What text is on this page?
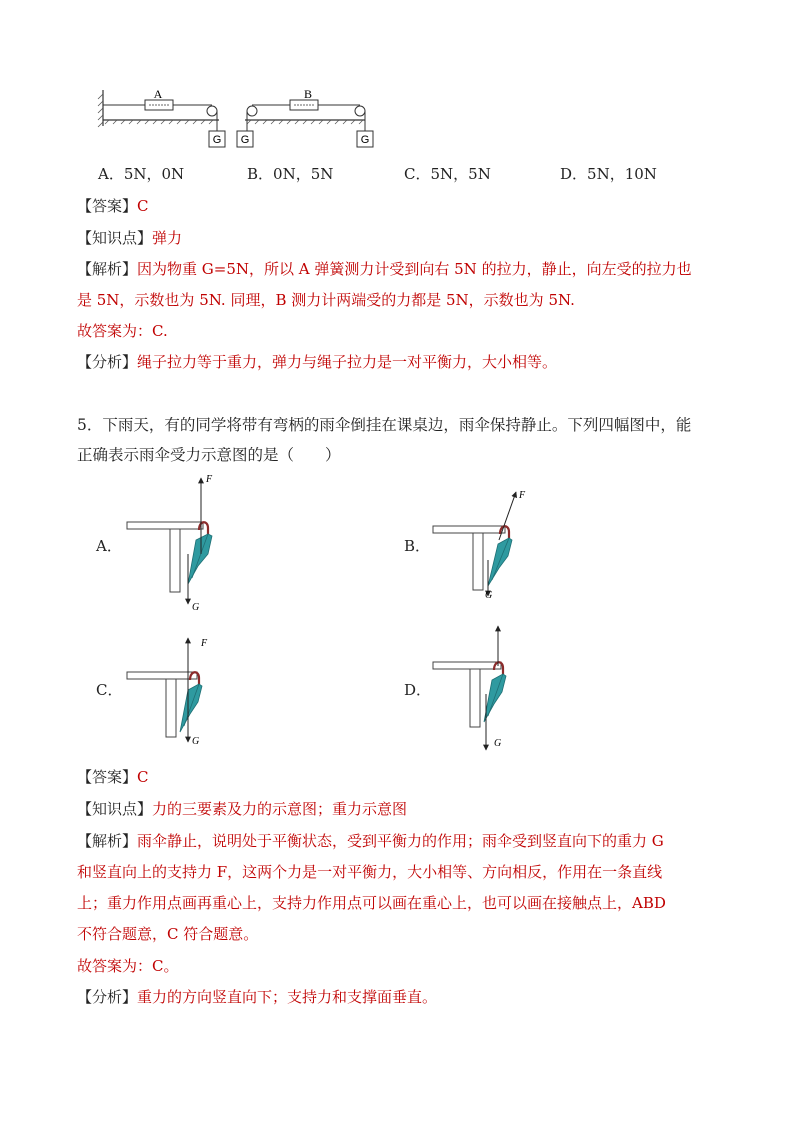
A
G
B
G	G
A．5N，0N	B．0N，5N	C．5N，5N	D．5N，10N
【答案】C
【知识点】弹力
【解析】因为物重 G=5N，所以 A 弹簧测力计受到向右 5N 的拉力，静止，向左受的拉力也
是 5N，示数也为 5N. 同理，B 测力计两端受的力都是 5N，示数也为 5N.
故答案为：C.
【分析】绳子拉力等于重力，弹力与绳子拉力是一对平衡力，大小相等。
5．下雨天，有的同学将带有弯柄的雨伞倒挂在课桌边，雨伞保持静止。下列四幅图中，能
正确表示雨伞受力示意图的是（　　）
A．	B．
C．	D．
F
G
F
G
F
G	G
【答案】C
【知识点】力的三要素及力的示意图；重力示意图
【解析】雨伞静止，说明处于平衡状态，受到平衡力的作用；雨伞受到竖直向下的重力 G
和竖直向上的支持力 F，这两个力是一对平衡力，大小相等、方向相反，作用在一条直线
上；重力作用点画再重心上，支持力作用点可以画在重心上，也可以画在接触点上，ABD
不符合题意，C 符合题意。
故答案为：C。
【分析】重力的方向竖直向下；支持力和支撑面垂直。
